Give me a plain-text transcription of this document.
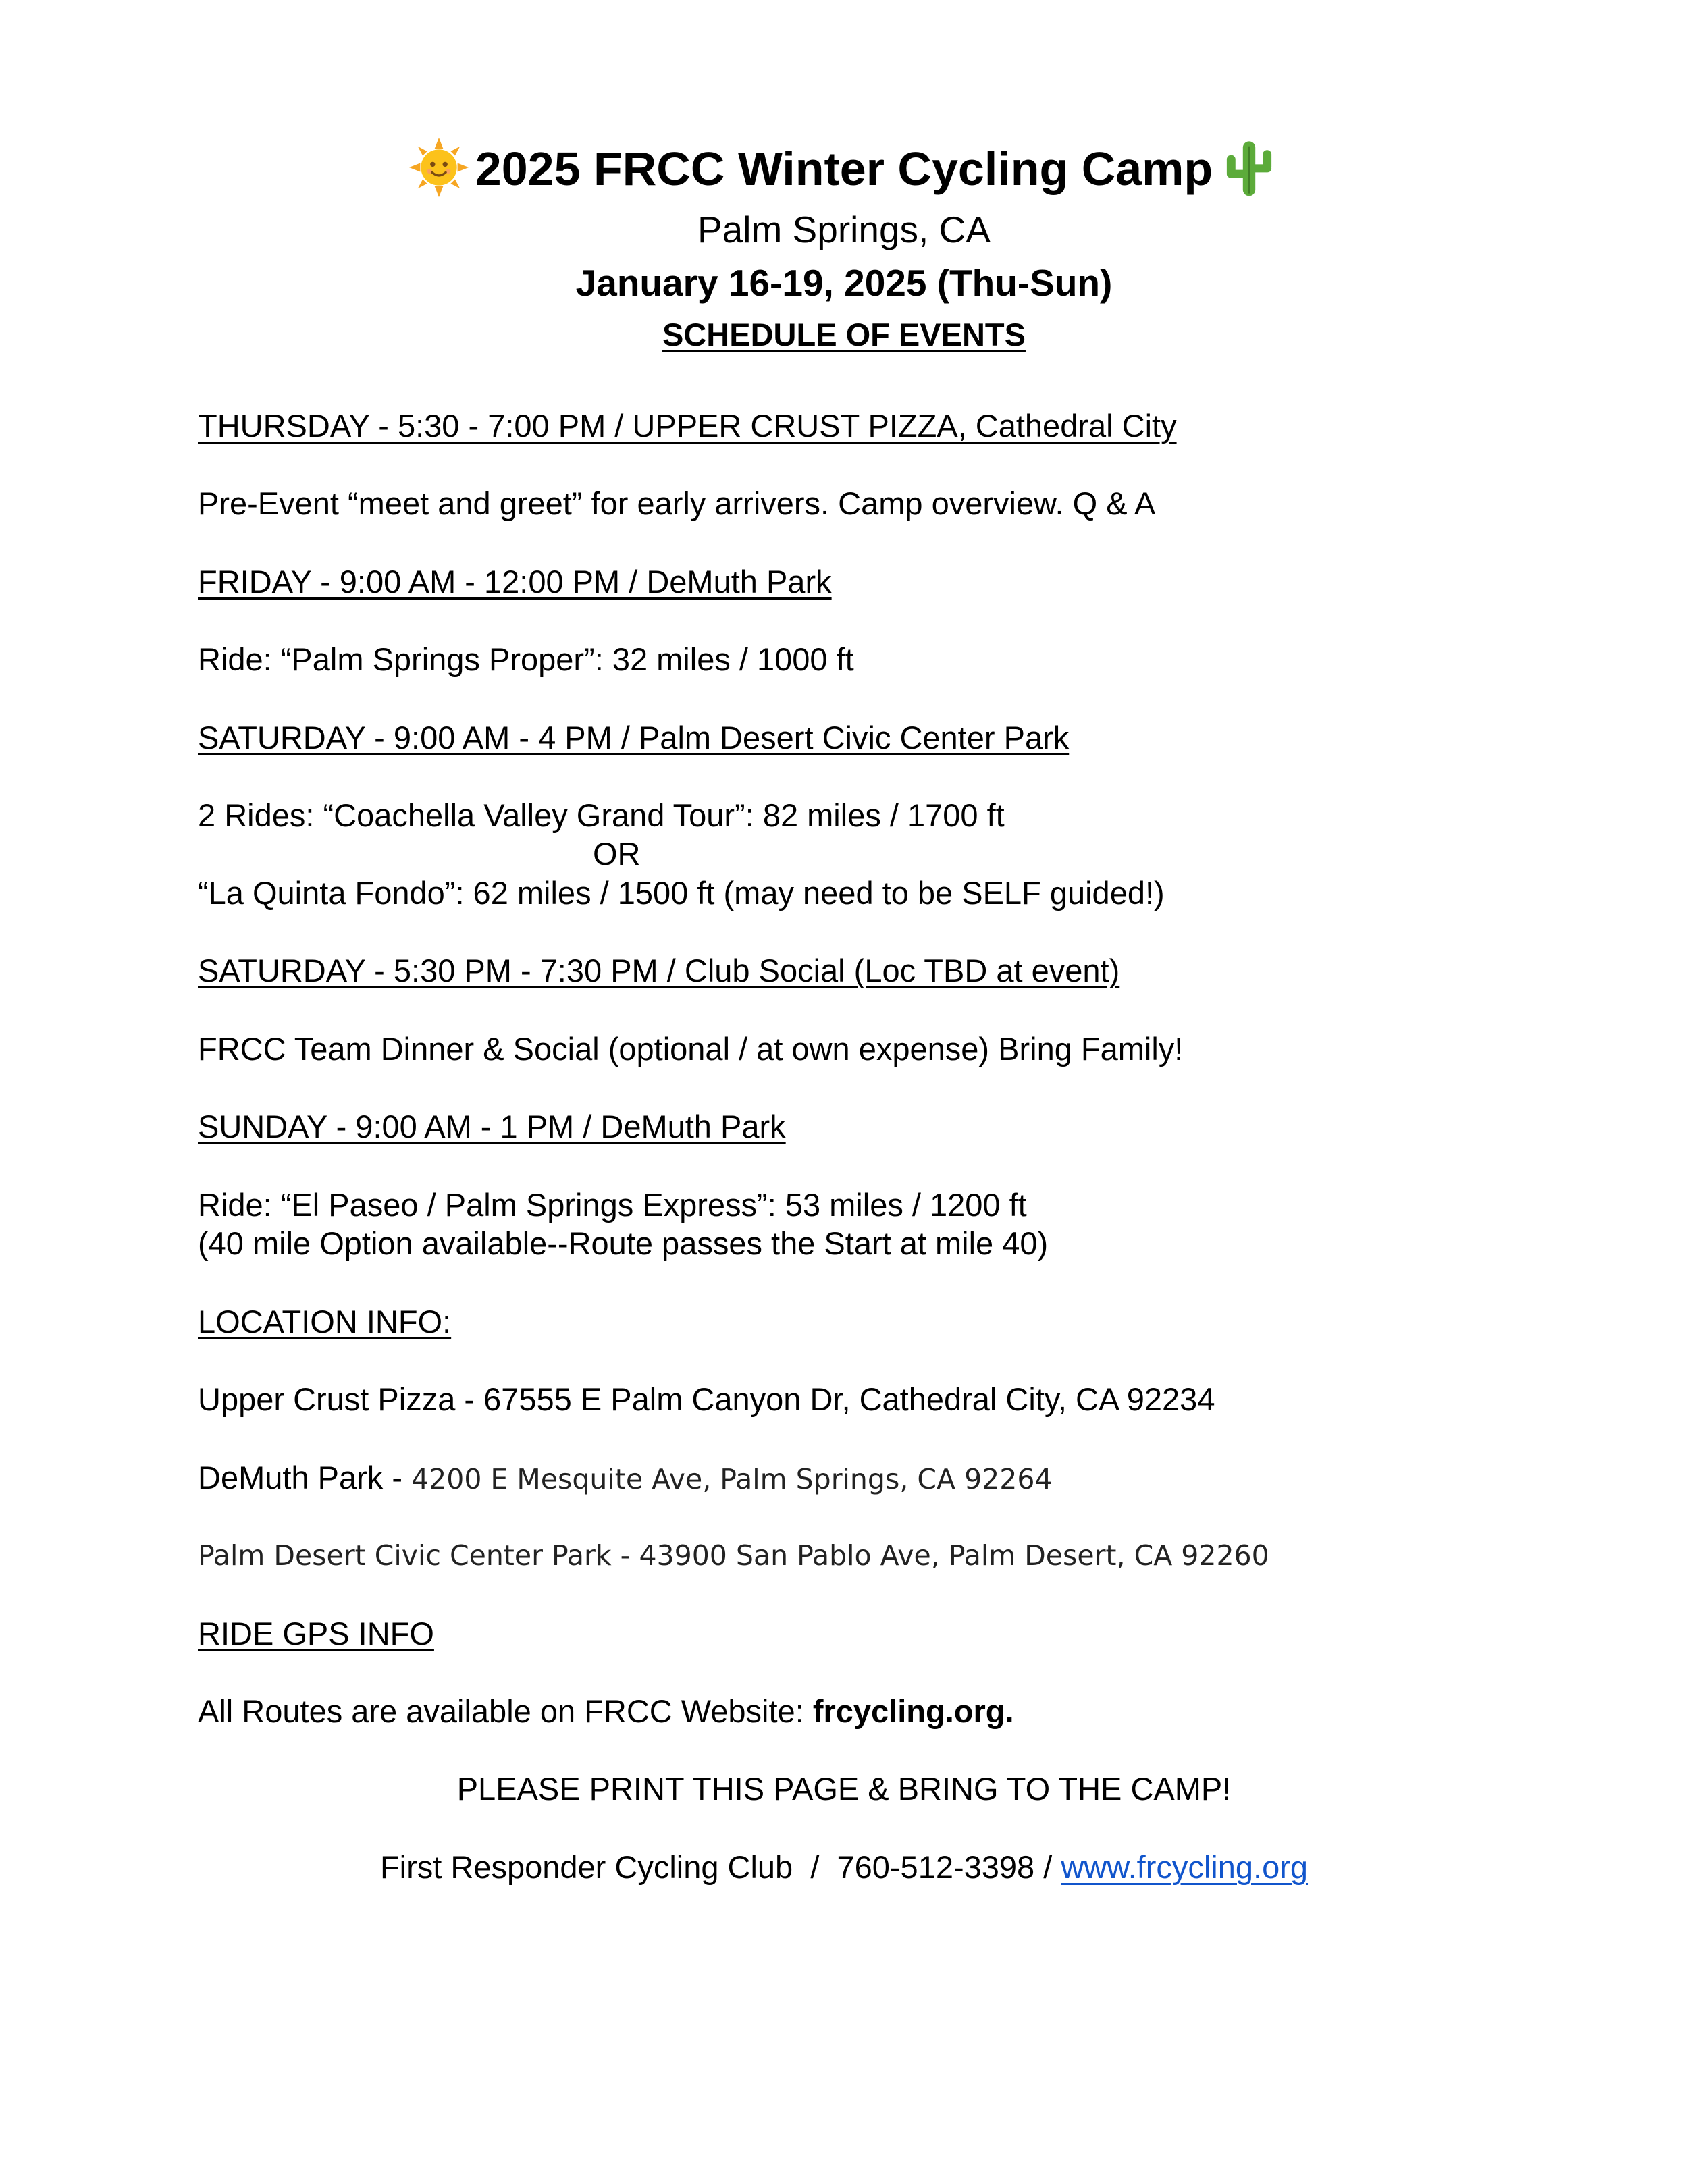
2025 FRCC Winter Cycling Camp
Palm Springs, CA
January 16-19, 2025 (Thu-Sun)
SCHEDULE OF EVENTS
THURSDAY - 5:30 - 7:00 PM / UPPER CRUST PIZZA, Cathedral City
Pre-Event “meet and greet” for early arrivers. Camp overview. Q & A
FRIDAY - 9:00 AM - 12:00 PM / DeMuth Park
Ride: “Palm Springs Proper”: 32 miles / 1000 ft
SATURDAY - 9:00 AM - 4 PM / Palm Desert Civic Center Park
2 Rides: “Coachella Valley Grand Tour”: 82 miles / 1700 ft
OR
“La Quinta Fondo”: 62 miles / 1500 ft (may need to be SELF guided!)
SATURDAY - 5:30 PM - 7:30 PM / Club Social (Loc TBD at event)
FRCC Team Dinner & Social (optional / at own expense) Bring Family!
SUNDAY - 9:00 AM - 1 PM / DeMuth Park
Ride: “El Paseo / Palm Springs Express”: 53 miles / 1200 ft
(40 mile Option available--Route passes the Start at mile 40)
LOCATION INFO:
Upper Crust Pizza - 67555 E Palm Canyon Dr, Cathedral City, CA 92234
DeMuth Park - 4200 E Mesquite Ave, Palm Springs, CA 92264
Palm Desert Civic Center Park - 43900 San Pablo Ave, Palm Desert, CA 92260
RIDE GPS INFO
All Routes are available on FRCC Website: frcycling.org.
PLEASE PRINT THIS PAGE & BRING TO THE CAMP!
First Responder Cycling Club  /  760-512-3398 / www.frcycling.org
